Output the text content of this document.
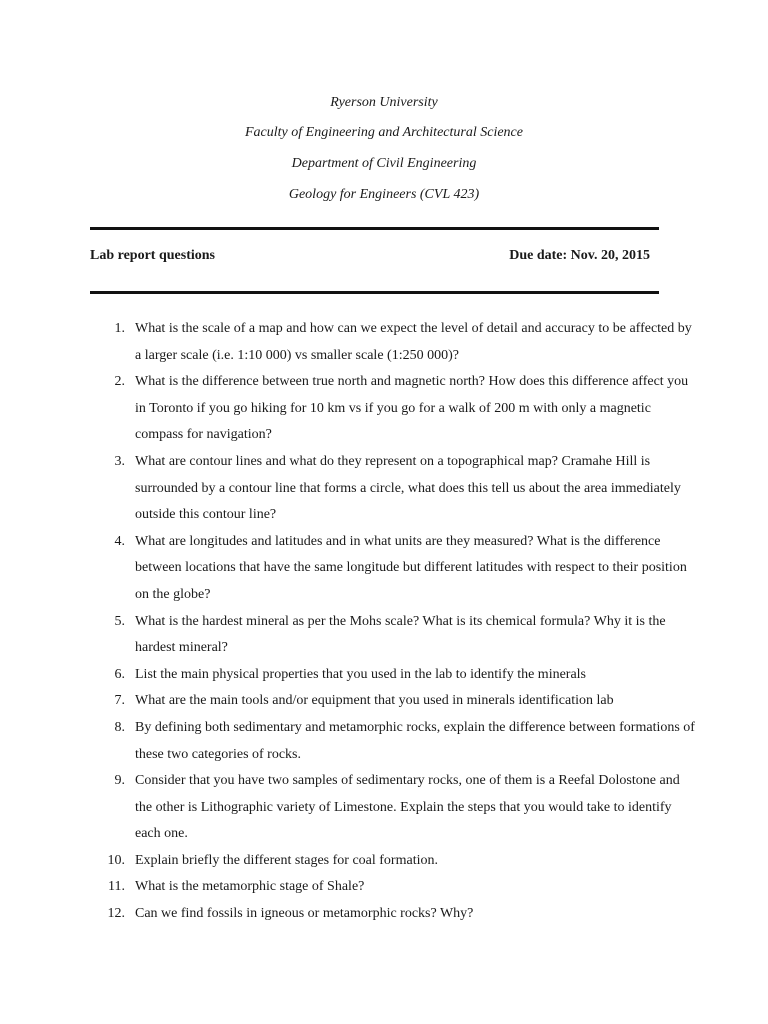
Ryerson University
Faculty of Engineering and Architectural Science
Department of Civil Engineering
Geology for Engineers (CVL 423)
Lab report questions	Due date: Nov. 20, 2015
1. What is the scale of a map and how can we expect the level of detail and accuracy to be affected by a larger scale (i.e. 1:10 000) vs smaller scale (1:250 000)?
2. What is the difference between true north and magnetic north? How does this difference affect you in Toronto if you go hiking for 10 km vs if you go for a walk of 200 m with only a magnetic compass for navigation?
3. What are contour lines and what do they represent on a topographical map? Cramahe Hill is surrounded by a contour line that forms a circle, what does this tell us about the area immediately outside this contour line?
4. What are longitudes and latitudes and in what units are they measured? What is the difference between locations that have the same longitude but different latitudes with respect to their position on the globe?
5. What is the hardest mineral as per the Mohs scale? What is its chemical formula? Why it is the hardest mineral?
6. List the main physical properties that you used in the lab to identify the minerals
7. What are the main tools and/or equipment that you used in minerals identification lab
8. By defining both sedimentary and metamorphic rocks, explain the difference between formations of these two categories of rocks.
9. Consider that you have two samples of sedimentary rocks, one of them is a Reefal Dolostone and the other is Lithographic variety of Limestone. Explain the steps that you would take to identify each one.
10. Explain briefly the different stages for coal formation.
11. What is the metamorphic stage of Shale?
12. Can we find fossils in igneous or metamorphic rocks? Why?
